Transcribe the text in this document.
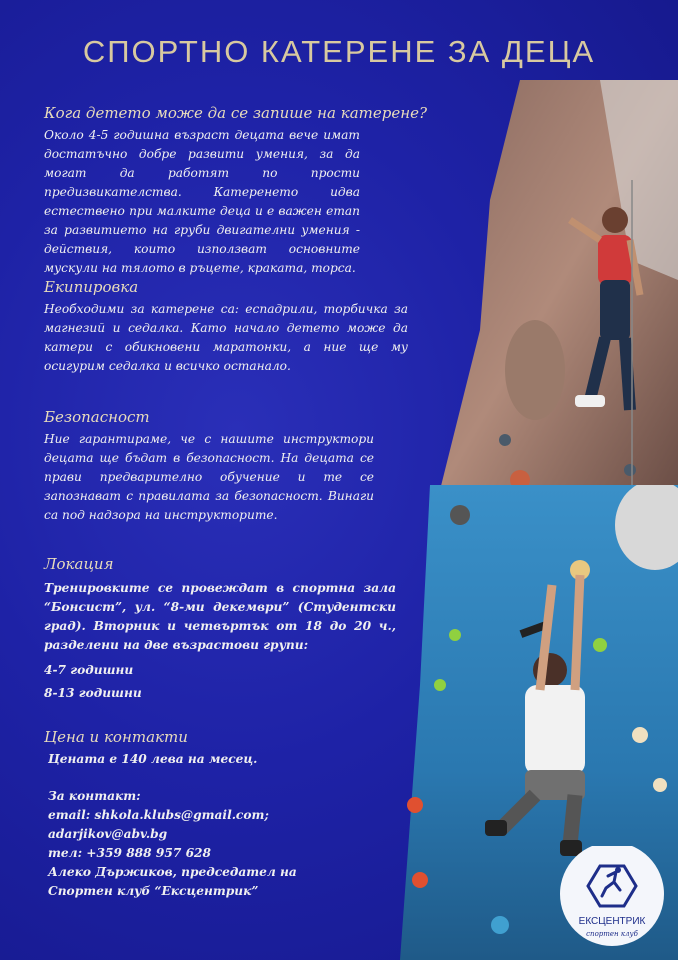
СПОРТНО КАТЕРЕНЕ ЗА ДЕЦА
ЕКСЦЕНТРИК
спортен клуб
Кога детето може да се запише на катерене?

Около 4-5 годишна възраст децата вече имат достатъчно добре развити умения, за да могат да работят по прости предизвикателства. Катеренето идва естествено при малките деца и е важен етап за развитието на груби двигателни умения - действия, които използват основните мускули на тялото в ръцете, краката, торса.

Екипировка

Необходими за катерене са: еспадрили, торбичка за магнезий и седалка. Като начало детето може да катери с обикновени маратонки, а ние ще му осигурим седалка и всичко останало.

Безопасност

Ние гарантираме, че с нашите инструктори децата ще бъдат в безопасност. На децата се прави предварително обучение и те се запознават с правилата за безопасност. Винаги са под надзора на инструкторите.

Локация

Тренировките се провеждат в спортна зала “Бонсист”, ул. “8-ми декември” (Студентски град). Вторник и четвъртък от 18 до 20 ч., разделени на две възрастови групи:

4-7 годишни

8-13 годишни

Цена и контакти

Цената е 140 лева на месец.

За контакт:

email: shkola.klubs@gmail.com;

adarjikov@abv.bg

тел: +359 888 957 628

Алеко Държиков, председател на

Спортен клуб “Ексцентрик”
